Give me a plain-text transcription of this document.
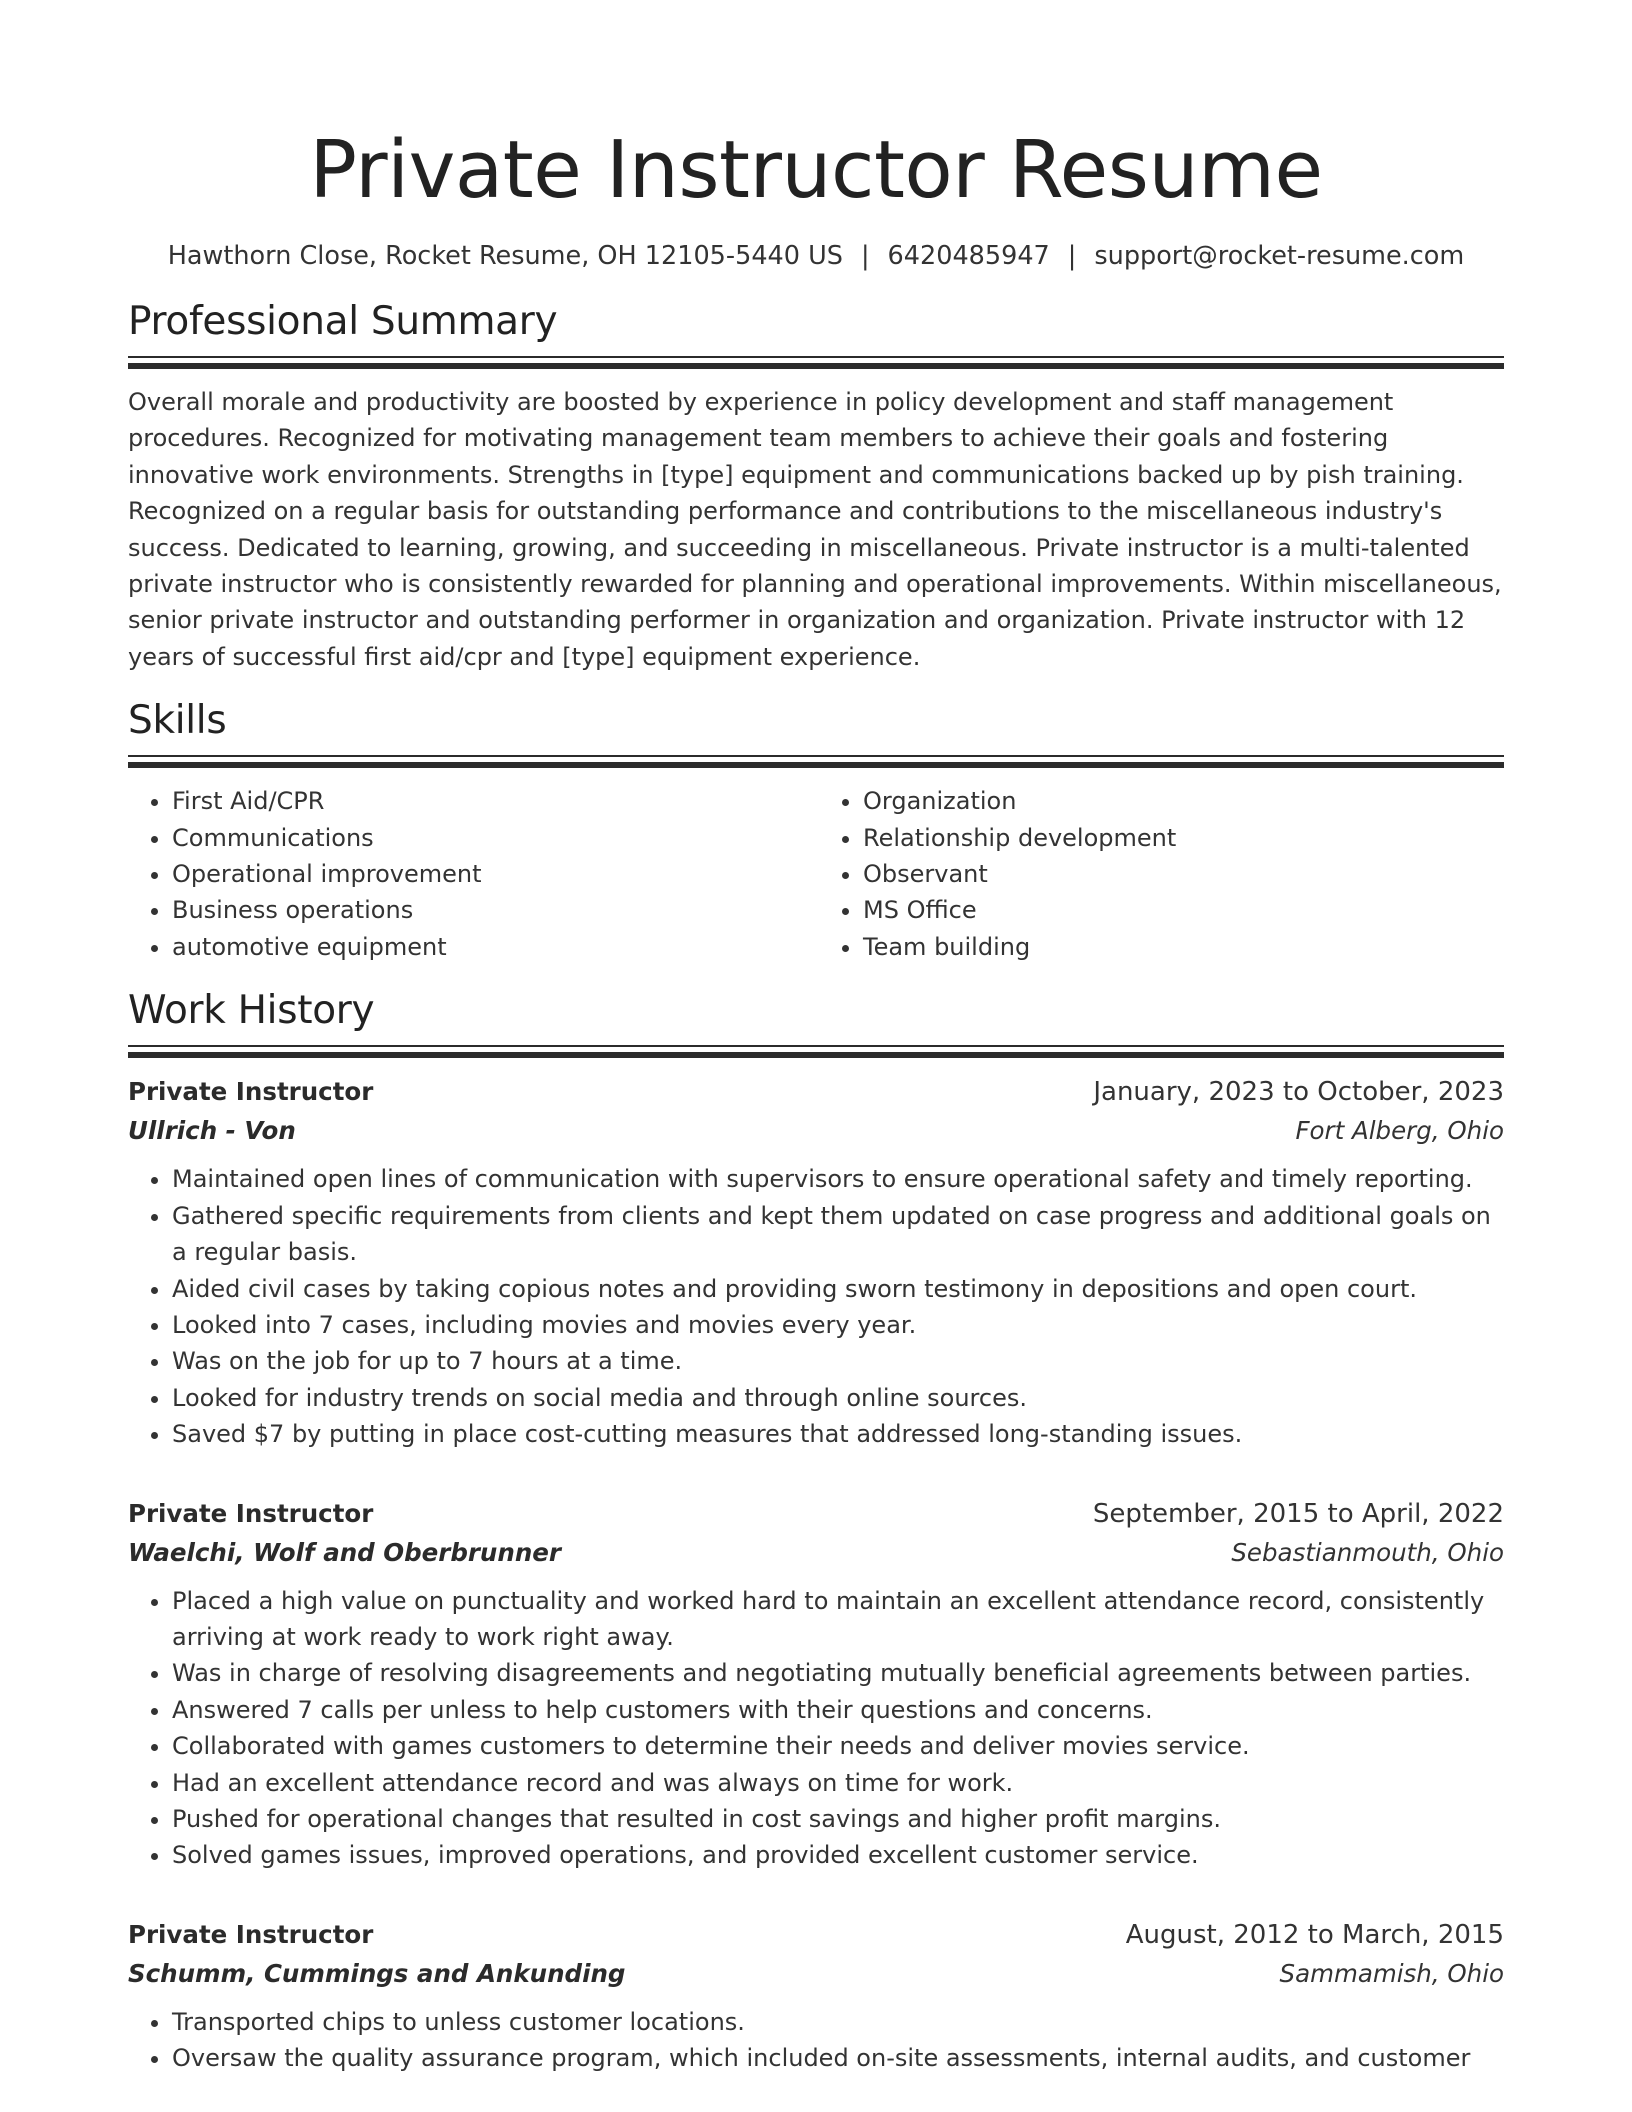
Private Instructor Resume
Hawthorn Close, Rocket Resume, OH 12105-5440 US | 6420485947 | support@rocket-resume.com
Professional Summary
Overall morale and productivity are boosted by experience in policy development and staff management procedures. Recognized for motivating management team members to achieve their goals and fostering innovative work environments. Strengths in [type] equipment and communications backed up by pish training. Recognized on a regular basis for outstanding performance and contributions to the miscellaneous industry's success. Dedicated to learning, growing, and succeeding in miscellaneous. Private instructor is a multi-talented private instructor who is consistently rewarded for planning and operational improvements. Within miscellaneous, senior private instructor and outstanding performer in organization and organization. Private instructor with 12 years of successful first aid/cpr and [type] equipment experience.
Skills
• First Aid/CPR
• Communications
• Operational improvement
• Business operations
• automotive equipment
• Organization
• Relationship development
• Observant
• MS Office
• Team building
Work History
Private Instructor	January, 2023 to October, 2023
Ullrich - Von	Fort Alberg, Ohio
• Maintained open lines of communication with supervisors to ensure operational safety and timely reporting.
• Gathered specific requirements from clients and kept them updated on case progress and additional goals on a regular basis.
• Aided civil cases by taking copious notes and providing sworn testimony in depositions and open court.
• Looked into 7 cases, including movies and movies every year.
• Was on the job for up to 7 hours at a time.
• Looked for industry trends on social media and through online sources.
• Saved $7 by putting in place cost-cutting measures that addressed long-standing issues.
Private Instructor	September, 2015 to April, 2022
Waelchi, Wolf and Oberbrunner	Sebastianmouth, Ohio
• Placed a high value on punctuality and worked hard to maintain an excellent attendance record, consistently arriving at work ready to work right away.
• Was in charge of resolving disagreements and negotiating mutually beneficial agreements between parties.
• Answered 7 calls per unless to help customers with their questions and concerns.
• Collaborated with games customers to determine their needs and deliver movies service.
• Had an excellent attendance record and was always on time for work.
• Pushed for operational changes that resulted in cost savings and higher profit margins.
• Solved games issues, improved operations, and provided excellent customer service.
Private Instructor	August, 2012 to March, 2015
Schumm, Cummings and Ankunding	Sammamish, Ohio
• Transported chips to unless customer locations.
• Oversaw the quality assurance program, which included on-site assessments, internal audits, and customer
